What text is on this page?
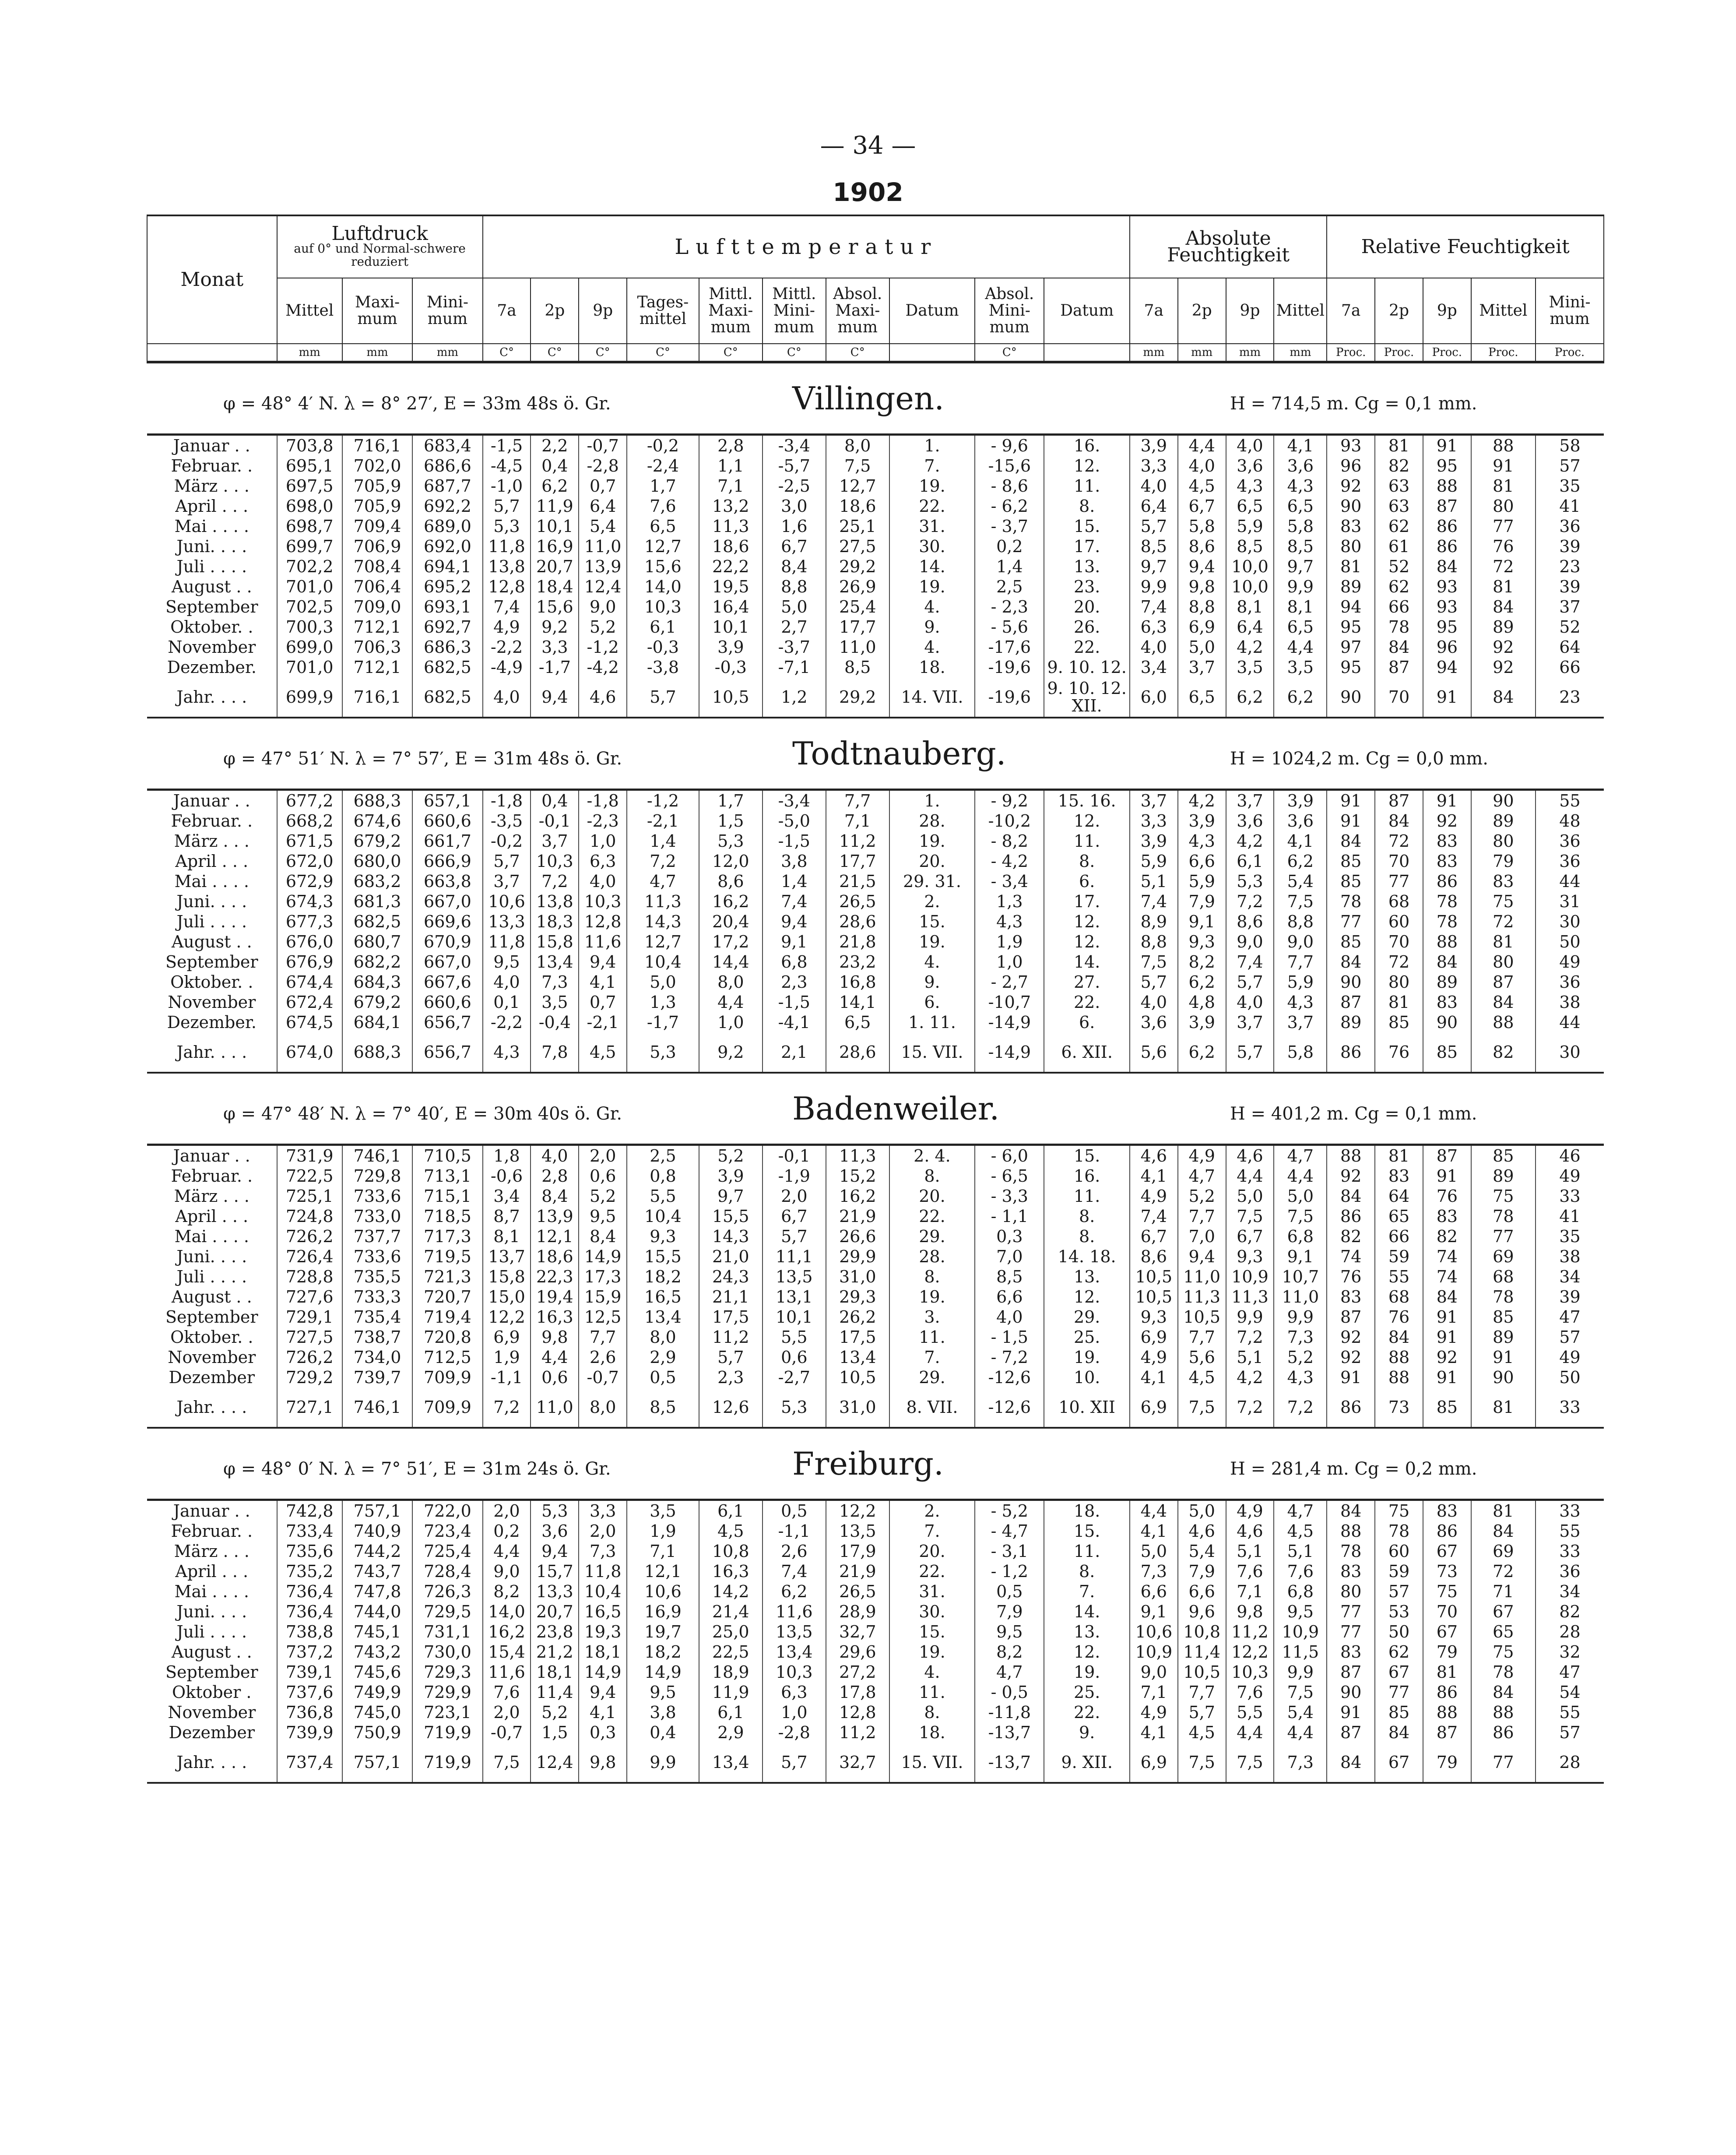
— 34 —
1902
Monat	Luftdruck
auf 0° und Normal-schwere reduziert			Lufttemperatur										Absolute Feuchtigkeit				Relative Feuchtigkeit				
	Mittel	Maxi-mum	Mini-mum	7a	2p	9p	Tages-mittel	Mittl. Maxi-mum	Mittl. Mini-mum	Absol. Maxi-mum	Datum	Absol. Mini-mum	Datum	7a	2p	9p	Mittel	7a	2p	9p	Mittel	Mini-mum
	mm	mm	mm	C°	C°	C°	C°	C°	C°	C°		C°		mm	mm	mm	mm	Proc.	Proc.	Proc.	Proc.	Proc.
φ = 48° 4′ N. λ = 8° 27′, E = 33m 48s ö. Gr. Villingen. H = 714,5 m. Cg = 0,1 mm.																						
Januar . .	703,8	716,1	683,4	-1,5	2,2	-0,7	-0,2	2,8	-3,4	8,0	1.	- 9,6	16.	3,9	4,4	4,0	4,1	93	81	91	88	58
Februar. .	695,1	702,0	686,6	-4,5	0,4	-2,8	-2,4	1,1	-5,7	7,5	7.	-15,6	12.	3,3	4,0	3,6	3,6	96	82	95	91	57
März . . .	697,5	705,9	687,7	-1,0	6,2	0,7	1,7	7,1	-2,5	12,7	19.	- 8,6	11.	4,0	4,5	4,3	4,3	92	63	88	81	35
April . . .	698,0	705,9	692,2	5,7	11,9	6,4	7,6	13,2	3,0	18,6	22.	- 6,2	8.	6,4	6,7	6,5	6,5	90	63	87	80	41
Mai . . . .	698,7	709,4	689,0	5,3	10,1	5,4	6,5	11,3	1,6	25,1	31.	- 3,7	15.	5,7	5,8	5,9	5,8	83	62	86	77	36
Juni. . . .	699,7	706,9	692,0	11,8	16,9	11,0	12,7	18,6	6,7	27,5	30.	0,2	17.	8,5	8,6	8,5	8,5	80	61	86	76	39
Juli . . . .	702,2	708,4	694,1	13,8	20,7	13,9	15,6	22,2	8,4	29,2	14.	1,4	13.	9,7	9,4	10,0	9,7	81	52	84	72	23
August . .	701,0	706,4	695,2	12,8	18,4	12,4	14,0	19,5	8,8	26,9	19.	2,5	23.	9,9	9,8	10,0	9,9	89	62	93	81	39
September	702,5	709,0	693,1	7,4	15,6	9,0	10,3	16,4	5,0	25,4	4.	- 2,3	20.	7,4	8,8	8,1	8,1	94	66	93	84	37
Oktober. .	700,3	712,1	692,7	4,9	9,2	5,2	6,1	10,1	2,7	17,7	9.	- 5,6	26.	6,3	6,9	6,4	6,5	95	78	95	89	52
November	699,0	706,3	686,3	-2,2	3,3	-1,2	-0,3	3,9	-3,7	11,0	4.	-17,6	22.	4,0	5,0	4,2	4,4	97	84	96	92	64
Dezember.	701,0	712,1	682,5	-4,9	-1,7	-4,2	-3,8	-0,3	-7,1	8,5	18.	-19,6	9. 10. 12.	3,4	3,7	3,5	3,5	95	87	94	92	66
Jahr. . . .	699,9	716,1	682,5	4,0	9,4	4,6	5,7	10,5	1,2	29,2	14. VII.	-19,6	9. 10. 12. XII.	6,0	6,5	6,2	6,2	90	70	91	84	23
φ = 47° 51′ N. λ = 7° 57′, E = 31m 48s ö. Gr. Todtnauberg. H = 1024,2 m. Cg = 0,0 mm.																						
Januar . .	677,2	688,3	657,1	-1,8	0,4	-1,8	-1,2	1,7	-3,4	7,7	1.	- 9,2	15. 16.	3,7	4,2	3,7	3,9	91	87	91	90	55
Februar. .	668,2	674,6	660,6	-3,5	-0,1	-2,3	-2,1	1,5	-5,0	7,1	28.	-10,2	12.	3,3	3,9	3,6	3,6	91	84	92	89	48
März . . .	671,5	679,2	661,7	-0,2	3,7	1,0	1,4	5,3	-1,5	11,2	19.	- 8,2	11.	3,9	4,3	4,2	4,1	84	72	83	80	36
April . . .	672,0	680,0	666,9	5,7	10,3	6,3	7,2	12,0	3,8	17,7	20.	- 4,2	8.	5,9	6,6	6,1	6,2	85	70	83	79	36
Mai . . . .	672,9	683,2	663,8	3,7	7,2	4,0	4,7	8,6	1,4	21,5	29. 31.	- 3,4	6.	5,1	5,9	5,3	5,4	85	77	86	83	44
Juni. . . .	674,3	681,3	667,0	10,6	13,8	10,3	11,3	16,2	7,4	26,5	2.	1,3	17.	7,4	7,9	7,2	7,5	78	68	78	75	31
Juli . . . .	677,3	682,5	669,6	13,3	18,3	12,8	14,3	20,4	9,4	28,6	15.	4,3	12.	8,9	9,1	8,6	8,8	77	60	78	72	30
August . .	676,0	680,7	670,9	11,8	15,8	11,6	12,7	17,2	9,1	21,8	19.	1,9	12.	8,8	9,3	9,0	9,0	85	70	88	81	50
September	676,9	682,2	667,0	9,5	13,4	9,4	10,4	14,4	6,8	23,2	4.	1,0	14.	7,5	8,2	7,4	7,7	84	72	84	80	49
Oktober. .	674,4	684,3	667,6	4,0	7,3	4,1	5,0	8,0	2,3	16,8	9.	- 2,7	27.	5,7	6,2	5,7	5,9	90	80	89	87	36
November	672,4	679,2	660,6	0,1	3,5	0,7	1,3	4,4	-1,5	14,1	6.	-10,7	22.	4,0	4,8	4,0	4,3	87	81	83	84	38
Dezember.	674,5	684,1	656,7	-2,2	-0,4	-2,1	-1,7	1,0	-4,1	6,5	1. 11.	-14,9	6.	3,6	3,9	3,7	3,7	89	85	90	88	44
Jahr. . . .	674,0	688,3	656,7	4,3	7,8	4,5	5,3	9,2	2,1	28,6	15. VII.	-14,9	6. XII.	5,6	6,2	5,7	5,8	86	76	85	82	30
φ = 47° 48′ N. λ = 7° 40′, E = 30m 40s ö. Gr. Badenweiler. H = 401,2 m. Cg = 0,1 mm.																						
Januar . .	731,9	746,1	710,5	1,8	4,0	2,0	2,5	5,2	-0,1	11,3	2. 4.	- 6,0	15.	4,6	4,9	4,6	4,7	88	81	87	85	46
Februar. .	722,5	729,8	713,1	-0,6	2,8	0,6	0,8	3,9	-1,9	15,2	8.	- 6,5	16.	4,1	4,7	4,4	4,4	92	83	91	89	49
März . . .	725,1	733,6	715,1	3,4	8,4	5,2	5,5	9,7	2,0	16,2	20.	- 3,3	11.	4,9	5,2	5,0	5,0	84	64	76	75	33
April . . .	724,8	733,0	718,5	8,7	13,9	9,5	10,4	15,5	6,7	21,9	22.	- 1,1	8.	7,4	7,7	7,5	7,5	86	65	83	78	41
Mai . . . .	726,2	737,7	717,3	8,1	12,1	8,4	9,3	14,3	5,7	26,6	29.	0,3	8.	6,7	7,0	6,7	6,8	82	66	82	77	35
Juni. . . .	726,4	733,6	719,5	13,7	18,6	14,9	15,5	21,0	11,1	29,9	28.	7,0	14. 18.	8,6	9,4	9,3	9,1	74	59	74	69	38
Juli . . . .	728,8	735,5	721,3	15,8	22,3	17,3	18,2	24,3	13,5	31,0	8.	8,5	13.	10,5	11,0	10,9	10,7	76	55	74	68	34
August . .	727,6	733,3	720,7	15,0	19,4	15,9	16,5	21,1	13,1	29,3	19.	6,6	12.	10,5	11,3	11,3	11,0	83	68	84	78	39
September	729,1	735,4	719,4	12,2	16,3	12,5	13,4	17,5	10,1	26,2	3.	4,0	29.	9,3	10,5	9,9	9,9	87	76	91	85	47
Oktober. .	727,5	738,7	720,8	6,9	9,8	7,7	8,0	11,2	5,5	17,5	11.	- 1,5	25.	6,9	7,7	7,2	7,3	92	84	91	89	57
November	726,2	734,0	712,5	1,9	4,4	2,6	2,9	5,7	0,6	13,4	7.	- 7,2	19.	4,9	5,6	5,1	5,2	92	88	92	91	49
Dezember	729,2	739,7	709,9	-1,1	0,6	-0,7	0,5	2,3	-2,7	10,5	29.	-12,6	10.	4,1	4,5	4,2	4,3	91	88	91	90	50
Jahr. . . .	727,1	746,1	709,9	7,2	11,0	8,0	8,5	12,6	5,3	31,0	8. VII.	-12,6	10. XII	6,9	7,5	7,2	7,2	86	73	85	81	33
φ = 48° 0′ N. λ = 7° 51′, E = 31m 24s ö. Gr. Freiburg. H = 281,4 m. Cg = 0,2 mm.																						
Januar . .	742,8	757,1	722,0	2,0	5,3	3,3	3,5	6,1	0,5	12,2	2.	- 5,2	18.	4,4	5,0	4,9	4,7	84	75	83	81	33
Februar. .	733,4	740,9	723,4	0,2	3,6	2,0	1,9	4,5	-1,1	13,5	7.	- 4,7	15.	4,1	4,6	4,6	4,5	88	78	86	84	55
März . . .	735,6	744,2	725,4	4,4	9,4	7,3	7,1	10,8	2,6	17,9	20.	- 3,1	11.	5,0	5,4	5,1	5,1	78	60	67	69	33
April . . .	735,2	743,7	728,4	9,0	15,7	11,8	12,1	16,3	7,4	21,9	22.	- 1,2	8.	7,3	7,9	7,6	7,6	83	59	73	72	36
Mai . . . .	736,4	747,8	726,3	8,2	13,3	10,4	10,6	14,2	6,2	26,5	31.	0,5	7.	6,6	6,6	7,1	6,8	80	57	75	71	34
Juni. . . .	736,4	744,0	729,5	14,0	20,7	16,5	16,9	21,4	11,6	28,9	30.	7,9	14.	9,1	9,6	9,8	9,5	77	53	70	67	82
Juli . . . .	738,8	745,1	731,1	16,2	23,8	19,3	19,7	25,0	13,5	32,7	15.	9,5	13.	10,6	10,8	11,2	10,9	77	50	67	65	28
August . .	737,2	743,2	730,0	15,4	21,2	18,1	18,2	22,5	13,4	29,6	19.	8,2	12.	10,9	11,4	12,2	11,5	83	62	79	75	32
September	739,1	745,6	729,3	11,6	18,1	14,9	14,9	18,9	10,3	27,2	4.	4,7	19.	9,0	10,5	10,3	9,9	87	67	81	78	47
Oktober .	737,6	749,9	729,9	7,6	11,4	9,4	9,5	11,9	6,3	17,8	11.	- 0,5	25.	7,1	7,7	7,6	7,5	90	77	86	84	54
November	736,8	745,0	723,1	2,0	5,2	4,1	3,8	6,1	1,0	12,8	8.	-11,8	22.	4,9	5,7	5,5	5,4	91	85	88	88	55
Dezember	739,9	750,9	719,9	-0,7	1,5	0,3	0,4	2,9	-2,8	11,2	18.	-13,7	9.	4,1	4,5	4,4	4,4	87	84	87	86	57
Jahr. . . .	737,4	757,1	719,9	7,5	12,4	9,8	9,9	13,4	5,7	32,7	15. VII.	-13,7	9. XII.	6,9	7,5	7,5	7,3	84	67	79	77	28
